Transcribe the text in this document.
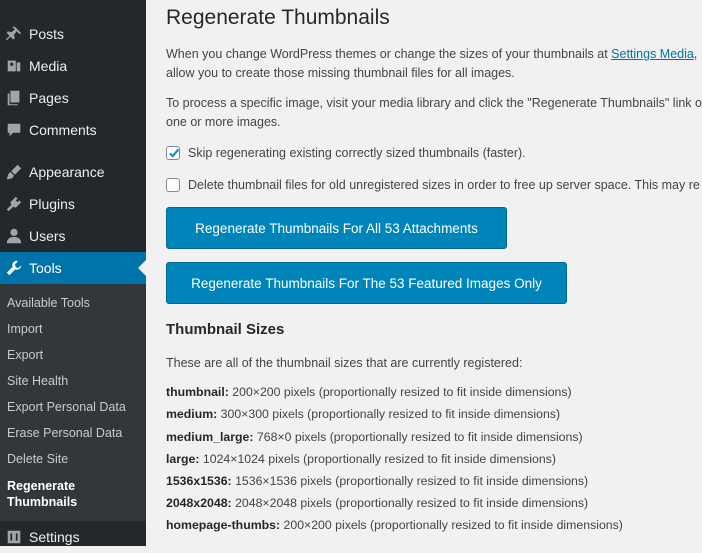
Posts
Media
Pages
Comments
Appearance
Plugins
Users
Tools
Available Tools
Import
Export
Site Health
Export Personal Data
Erase Personal Data
Delete Site
Regenerate
Thumbnails
Settings
Regenerate Thumbnails
When you change WordPress themes or change the sizes of your thumbnails at Settings Media,
allow you to create those missing thumbnail files for all images.
To process a specific image, visit your media library and click the "Regenerate Thumbnails" link o
one or more images.
Skip regenerating existing correctly sized thumbnails (faster).
Delete thumbnail files for old unregistered sizes in order to free up server space. This may re
Regenerate Thumbnails For All 53 Attachments
Regenerate Thumbnails For The 53 Featured Images Only
Thumbnail Sizes
These are all of the thumbnail sizes that are currently registered:
thumbnail: 200×200 pixels (proportionally resized to fit inside dimensions)
medium: 300×300 pixels (proportionally resized to fit inside dimensions)
medium_large: 768×0 pixels (proportionally resized to fit inside dimensions)
large: 1024×1024 pixels (proportionally resized to fit inside dimensions)
1536x1536: 1536×1536 pixels (proportionally resized to fit inside dimensions)
2048x2048: 2048×2048 pixels (proportionally resized to fit inside dimensions)
homepage-thumbs: 200×200 pixels (proportionally resized to fit inside dimensions)
